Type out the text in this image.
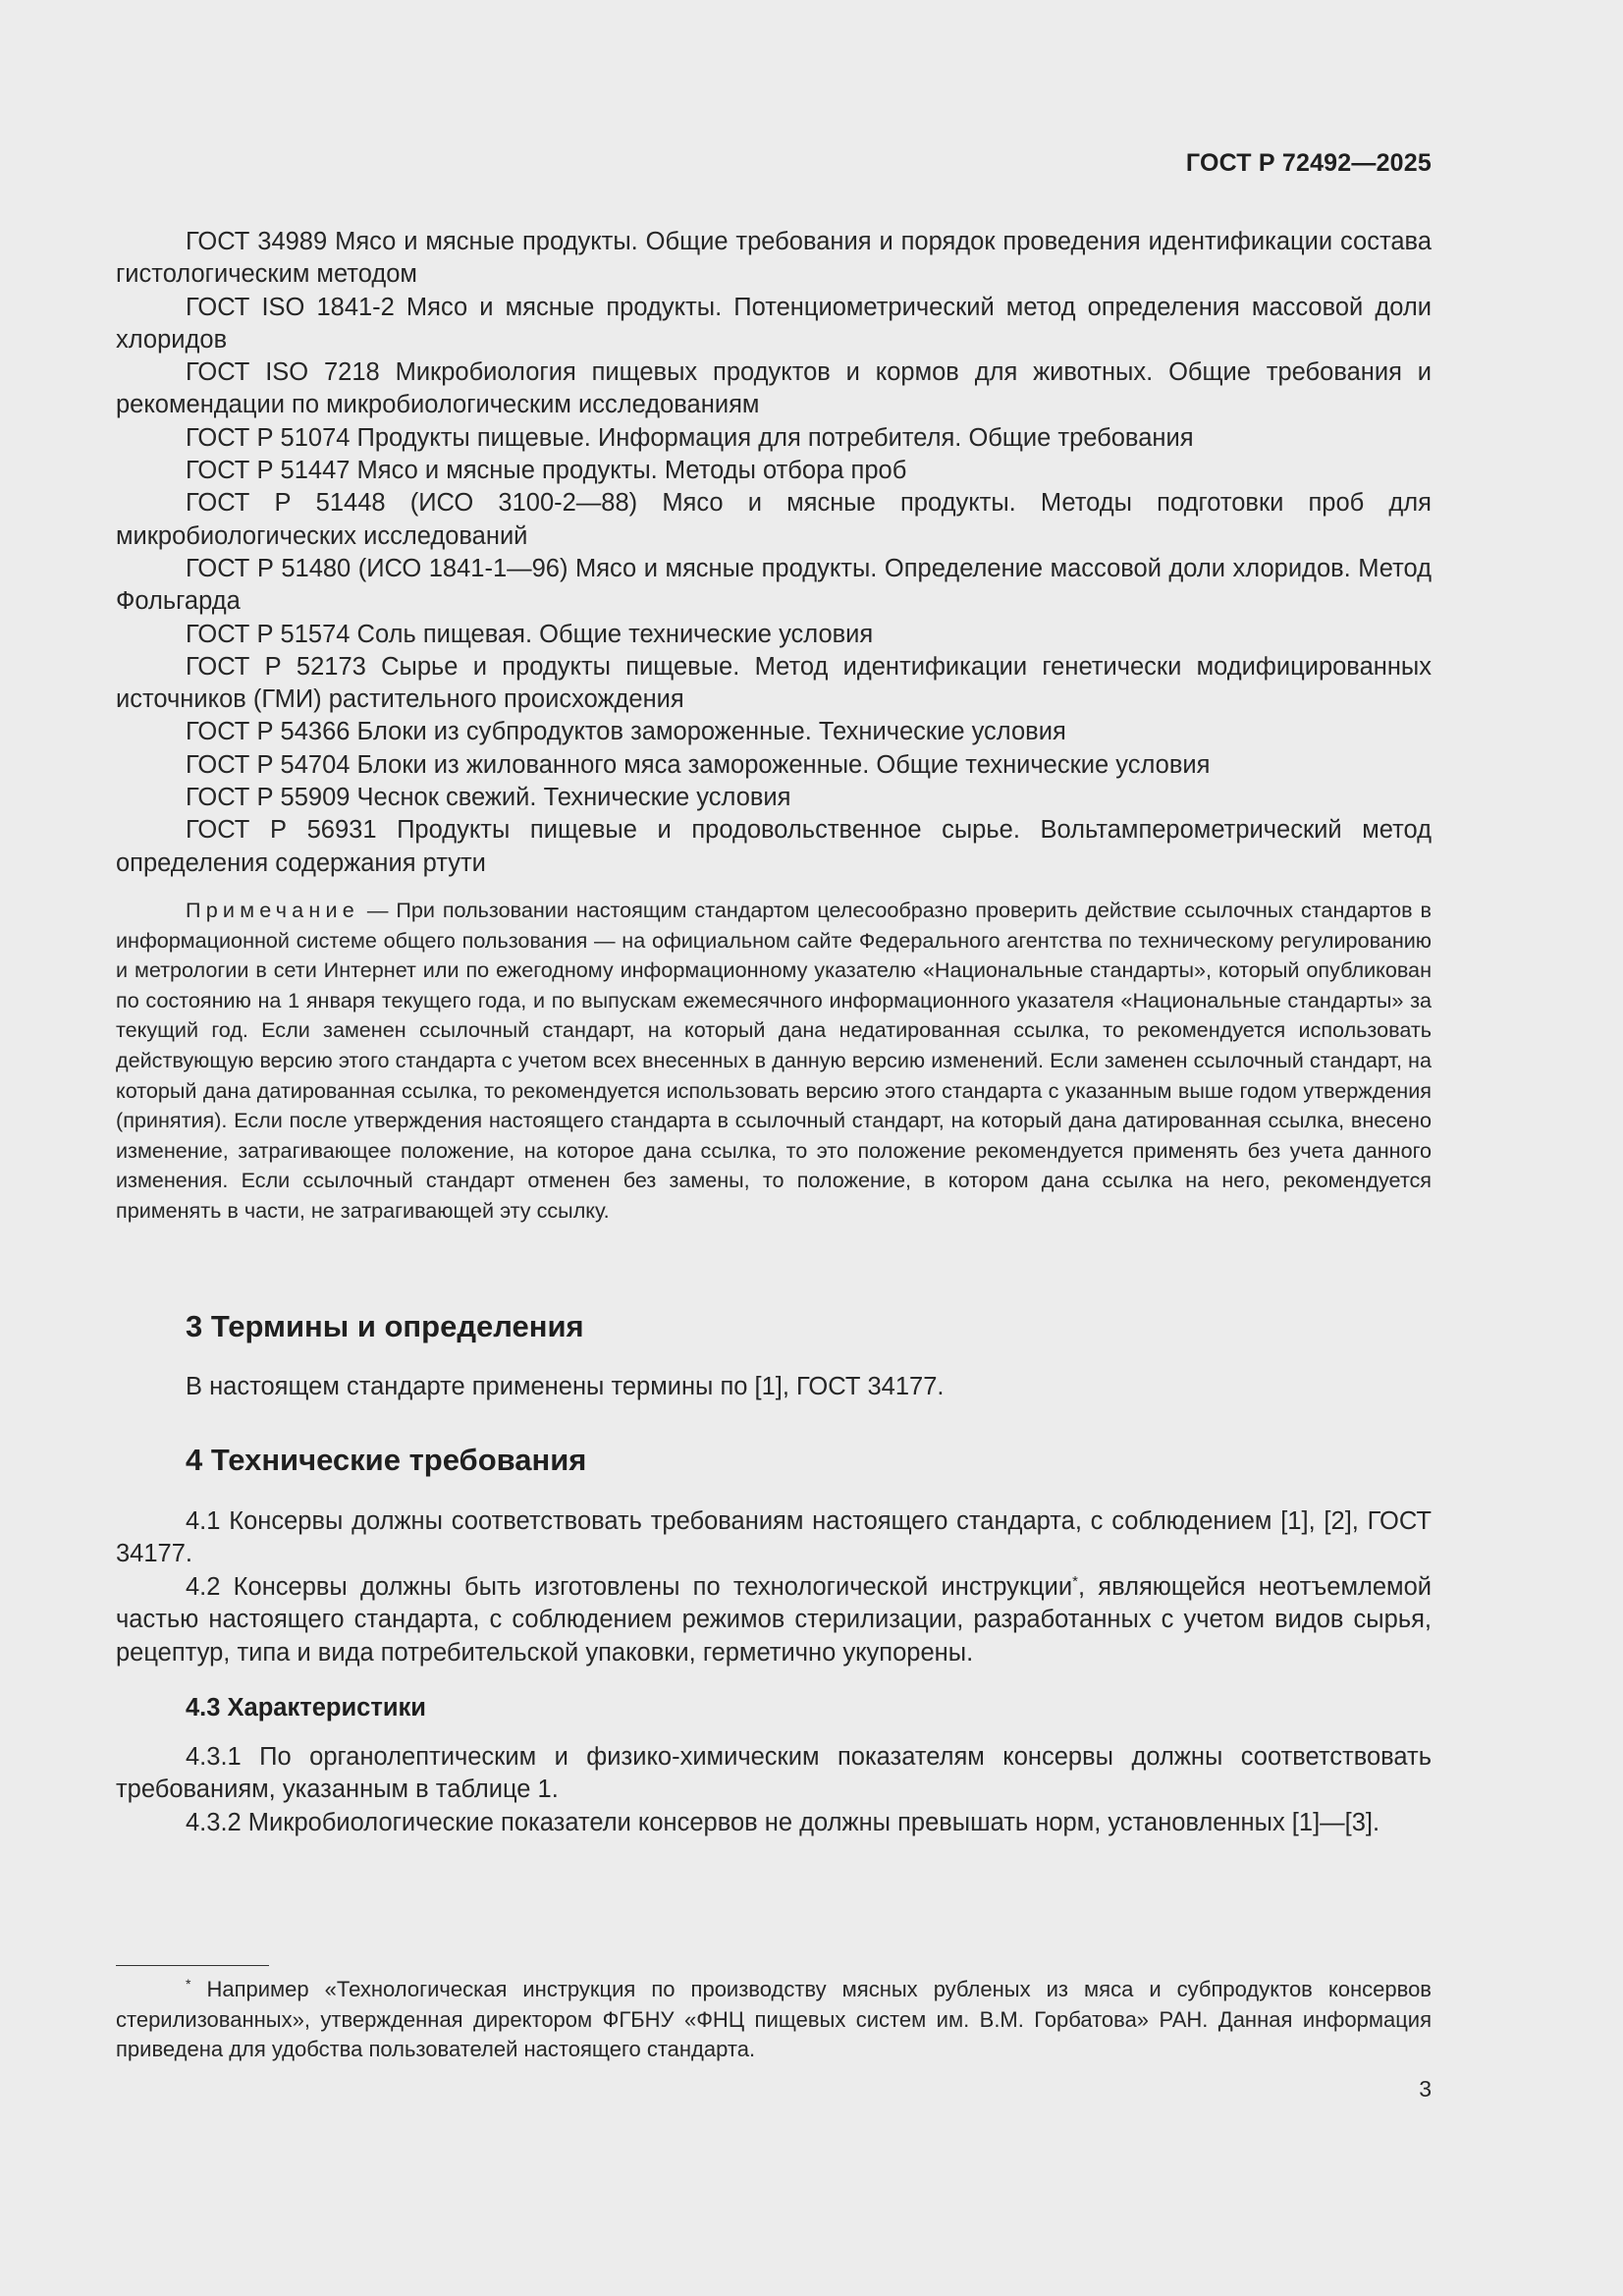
ГОСТ Р 72492—2025

ГОСТ 34989 Мясо и мясные продукты. Общие требования и порядок проведения идентификации состава гистологическим методом

ГОСТ ISO 1841-2 Мясо и мясные продукты. Потенциометрический метод определения массовой доли хлоридов

ГОСТ ISO 7218 Микробиология пищевых продуктов и кормов для животных. Общие требования и рекомендации по микробиологическим исследованиям

ГОСТ Р 51074 Продукты пищевые. Информация для потребителя. Общие требования

ГОСТ Р 51447 Мясо и мясные продукты. Методы отбора проб

ГОСТ Р 51448 (ИСО 3100-2—88) Мясо и мясные продукты. Методы подготовки проб для микробиологических исследований

ГОСТ Р 51480 (ИСО 1841-1—96) Мясо и мясные продукты. Определение массовой доли хлоридов. Метод Фольгарда

ГОСТ Р 51574 Соль пищевая. Общие технические условия

ГОСТ Р 52173 Сырье и продукты пищевые. Метод идентификации генетически модифицированных источников (ГМИ) растительного происхождения

ГОСТ Р 54366 Блоки из субпродуктов замороженные. Технические условия

ГОСТ Р 54704 Блоки из жилованного мяса замороженные. Общие технические условия

ГОСТ Р 55909 Чеснок свежий. Технические условия

ГОСТ Р 56931 Продукты пищевые и продовольственное сырье. Вольтамперометрический метод определения содержания ртути

Примечание — При пользовании настоящим стандартом целесообразно проверить действие ссылочных стандартов в информационной системе общего пользования — на официальном сайте Федерального агентства по техническому регулированию и метрологии в сети Интернет или по ежегодному информационному указателю «Национальные стандарты», который опубликован по состоянию на 1 января текущего года, и по выпускам ежемесячного информационного указателя «Национальные стандарты» за текущий год. Если заменен ссылочный стандарт, на который дана недатированная ссылка, то рекомендуется использовать действующую версию этого стандарта с учетом всех внесенных в данную версию изменений. Если заменен ссылочный стандарт, на который дана датированная ссылка, то рекомендуется использовать версию этого стандарта с указанным выше годом утверждения (принятия). Если после утверждения настоящего стандарта в ссылочный стандарт, на который дана датированная ссылка, внесено изменение, затрагивающее положение, на которое дана ссылка, то это положение рекомендуется применять без учета данного изменения. Если ссылочный стандарт отменен без замены, то положение, в котором дана ссылка на него, рекомендуется применять в части, не затрагивающей эту ссылку.

3 Термины и определения

В настоящем стандарте применены термины по [1], ГОСТ 34177.

4 Технические требования

4.1 Консервы должны соответствовать требованиям настоящего стандарта, с соблюдением [1], [2], ГОСТ 34177.

4.2 Консервы должны быть изготовлены по технологической инструкции*, являющейся неотъемлемой частью настоящего стандарта, с соблюдением режимов стерилизации, разработанных с учетом видов сырья, рецептур, типа и вида потребительской упаковки, герметично укупорены.

4.3 Характеристики

4.3.1 По органолептическим и физико-химическим показателям консервы должны соответствовать требованиям, указанным в таблице 1.

4.3.2 Микробиологические показатели консервов не должны превышать норм, установленных [1]—[3].

* Например «Технологическая инструкция по производству мясных рубленых из мяса и субпродуктов консервов стерилизованных», утвержденная директором ФГБНУ «ФНЦ пищевых систем им. В.М. Горбатова» РАН. Данная информация приведена для удобства пользователей настоящего стандарта.

3
